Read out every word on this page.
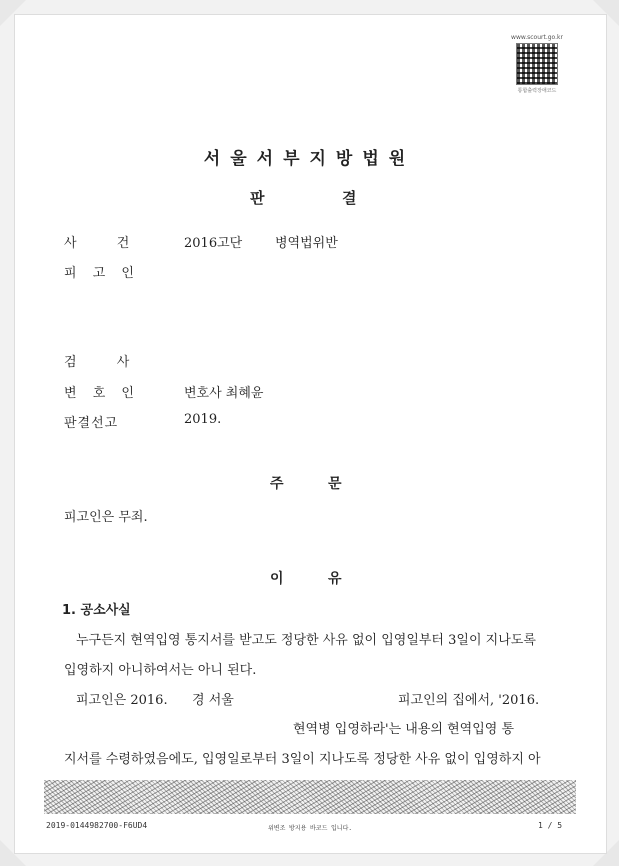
www.scourt.go.kr
통합출력장애코드
서울서부지방법원
판	결
사 건	2016고단	병역법위반
피 고 인
검 사
변 호 인	변호사 최혜윤
판결선고	2019.
주	문
피고인은 무죄.
이	유
1. 공소사실
누구든지 현역입영 통지서를 받고도 정당한 사유 없이 입영일부터 3일이 지나도록
입영하지 아니하여서는 아니 된다.
피고인은 2016. 경 서울	피고인의 집에서, '2016.
현역병 입영하라'는 내용의 현역입영 통
지서를 수령하였음에도, 입영일로부터 3일이 지나도록 정당한 사유 없이 입영하지 아
2019-0144982700-F6UD4	위변조 방지용 바코드 입니다.	1 / 5
